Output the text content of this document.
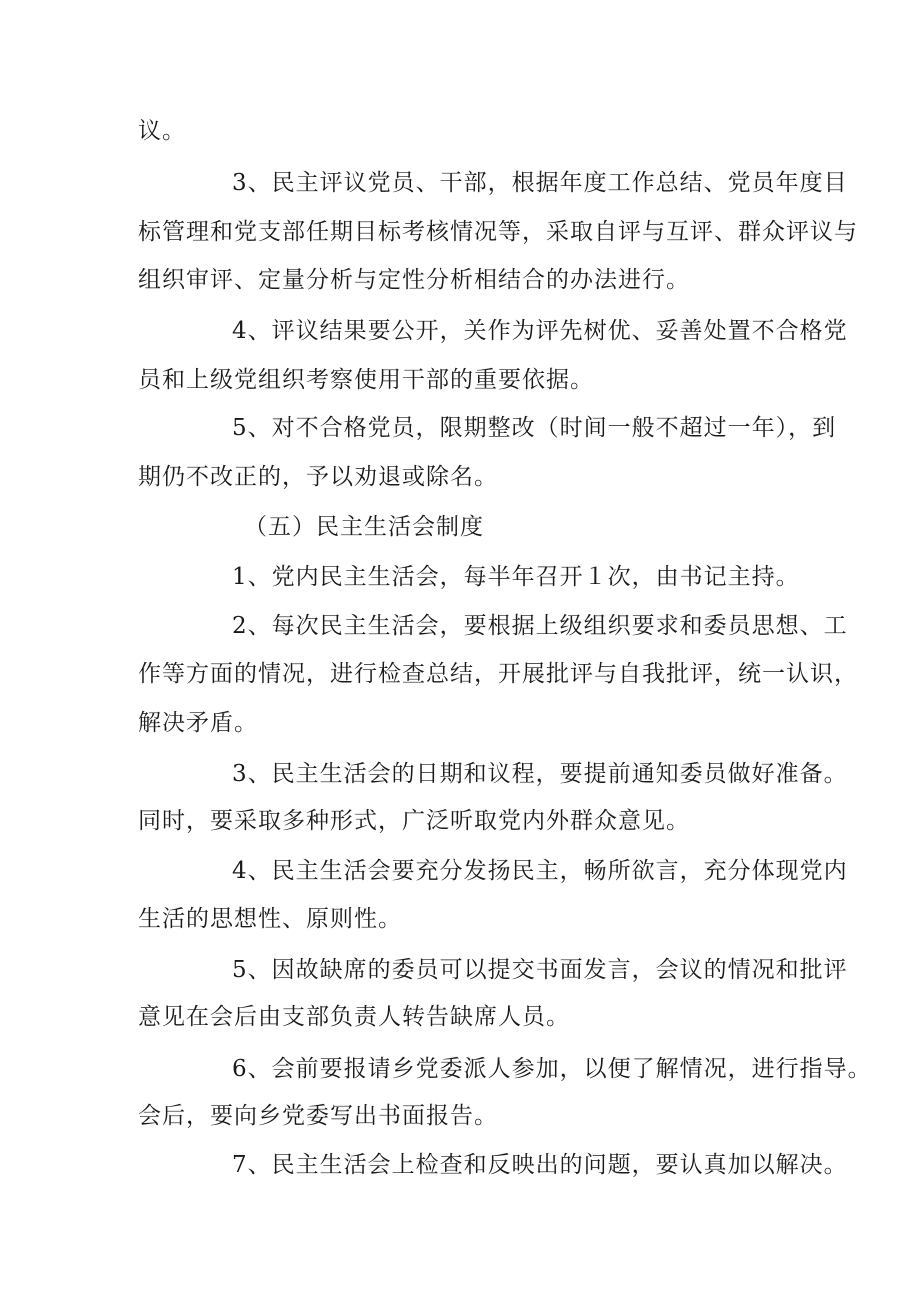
议。
3、民主评议党员、干部，根据年度工作总结、党员年度目
标管理和党支部任期目标考核情况等，采取自评与互评、群众评议与
组织审评、定量分析与定性分析相结合的办法进行。
4、评议结果要公开，关作为评先树优、妥善处置不合格党
员和上级党组织考察使用干部的重要依据。
5、对不合格党员，限期整改（时间一般不超过一年），到
期仍不改正的，予以劝退或除名。
（五）民主生活会制度
1、党内民主生活会，每半年召开１次，由书记主持。
2、每次民主生活会，要根据上级组织要求和委员思想、工
作等方面的情况，进行检查总结，开展批评与自我批评，统一认识，
解决矛盾。
3、民主生活会的日期和议程，要提前通知委员做好准备。
同时，要采取多种形式，广泛听取党内外群众意见。
4、民主生活会要充分发扬民主，畅所欲言，充分体现党内
生活的思想性、原则性。
5、因故缺席的委员可以提交书面发言，会议的情况和批评
意见在会后由支部负责人转告缺席人员。
6、会前要报请乡党委派人参加，以便了解情况，进行指导。
会后，要向乡党委写出书面报告。
7、民主生活会上检查和反映出的问题，要认真加以解决。
